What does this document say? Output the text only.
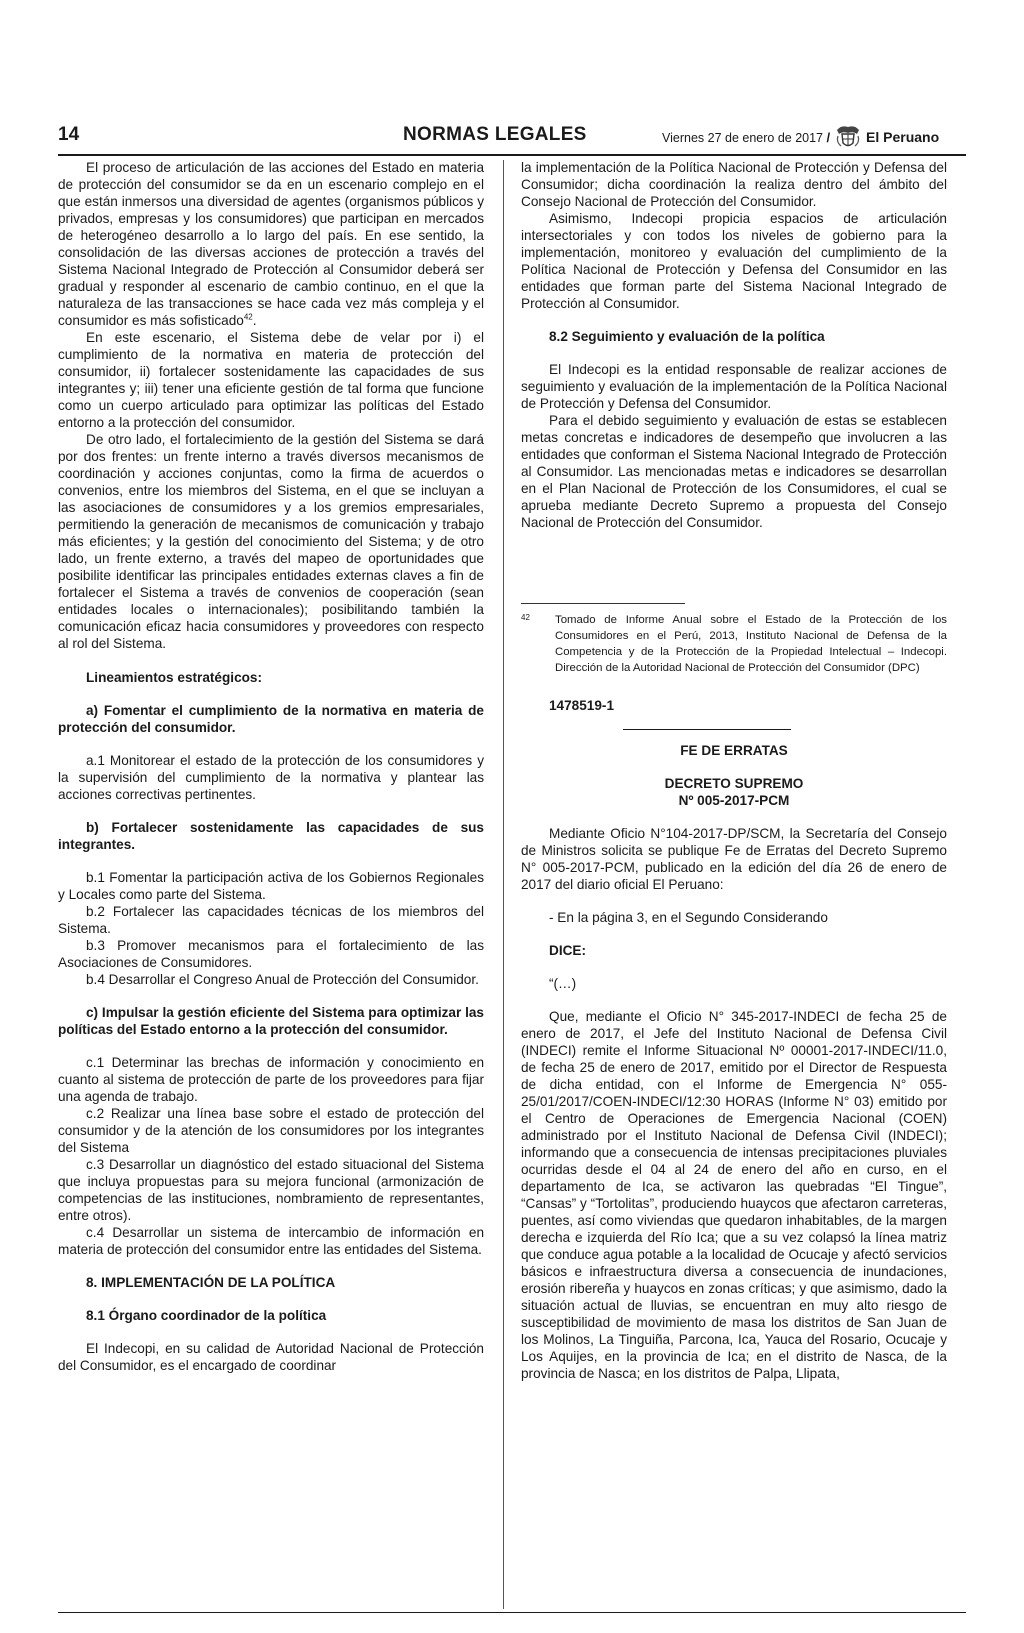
14	NORMAS LEGALES	Viernes 27 de enero de 2017 /	El Peruano

El proceso de articulación de las acciones del Estado en materia de protección del consumidor se da en un escenario complejo en el que están inmersos una diversidad de agentes (organismos públicos y privados, empresas y los consumidores) que participan en mercados de heterogéneo desarrollo a lo largo del país. En ese sentido, la consolidación de las diversas acciones de protección a través del Sistema Nacional Integrado de Protección al Consumidor deberá ser gradual y responder al escenario de cambio continuo, en el que la naturaleza de las transacciones se hace cada vez más compleja y el consumidor es más sofisticado$^{42}$.

En este escenario, el Sistema debe de velar por i) el cumplimiento de la normativa en materia de protección del consumidor, ii) fortalecer sostenidamente las capacidades de sus integrantes y; iii) tener una eficiente gestión de tal forma que funcione como un cuerpo articulado para optimizar las políticas del Estado entorno a la protección del consumidor.

De otro lado, el fortalecimiento de la gestión del Sistema se dará por dos frentes: un frente interno a través diversos mecanismos de coordinación y acciones conjuntas, como la firma de acuerdos o convenios, entre los miembros del Sistema, en el que se incluyan a las asociaciones de consumidores y a los gremios empresariales, permitiendo la generación de mecanismos de comunicación y trabajo más eficientes; y la gestión del conocimiento del Sistema; y de otro lado, un frente externo, a través del mapeo de oportunidades que posibilite identificar las principales entidades externas claves a fin de fortalecer el Sistema a través de convenios de cooperación (sean entidades locales o internacionales); posibilitando también la comunicación eficaz hacia consumidores y proveedores con respecto al rol del Sistema.

Lineamientos estratégicos:

a) Fomentar el cumplimiento de la normativa en materia de protección del consumidor.

a.1 Monitorear el estado de la protección de los consumidores y la supervisión del cumplimiento de la normativa y plantear las acciones correctivas pertinentes.

b) Fortalecer sostenidamente las capacidades de sus integrantes.

b.1 Fomentar la participación activa de los Gobiernos Regionales y Locales como parte del Sistema.

b.2 Fortalecer las capacidades técnicas de los miembros del Sistema.

b.3 Promover mecanismos para el fortalecimiento de las Asociaciones de Consumidores.

b.4 Desarrollar el Congreso Anual de Protección del Consumidor.

c) Impulsar la gestión eficiente del Sistema para optimizar las políticas del Estado entorno a la protección del consumidor.

c.1 Determinar las brechas de información y conocimiento en cuanto al sistema de protección de parte de los proveedores para fijar una agenda de trabajo.

c.2 Realizar una línea base sobre el estado de protección del consumidor y de la atención de los consumidores por los integrantes del Sistema

c.3 Desarrollar un diagnóstico del estado situacional del Sistema que incluya propuestas para su mejora funcional (armonización de competencias de las instituciones, nombramiento de representantes, entre otros).

c.4 Desarrollar un sistema de intercambio de información en materia de protección del consumidor entre las entidades del Sistema.

8. IMPLEMENTACIÓN DE LA POLÍTICA

8.1 Órgano coordinador de la política

El Indecopi, en su calidad de Autoridad Nacional de Protección del Consumidor, es el encargado de coordinar

la implementación de la Política Nacional de Protección y Defensa del Consumidor; dicha coordinación la realiza dentro del ámbito del Consejo Nacional de Protección del Consumidor.

Asimismo, Indecopi propicia espacios de articulación intersectoriales y con todos los niveles de gobierno para la implementación, monitoreo y evaluación del cumplimiento de la Política Nacional de Protección y Defensa del Consumidor en las entidades que forman parte del Sistema Nacional Integrado de Protección al Consumidor.

8.2 Seguimiento y evaluación de la política

El Indecopi es la entidad responsable de realizar acciones de seguimiento y evaluación de la implementación de la Política Nacional de Protección y Defensa del Consumidor.

Para el debido seguimiento y evaluación de estas se establecen metas concretas e indicadores de desempeño que involucren a las entidades que conforman el Sistema Nacional Integrado de Protección al Consumidor. Las mencionadas metas e indicadores se desarrollan en el Plan Nacional de Protección de los Consumidores, el cual se aprueba mediante Decreto Supremo a propuesta del Consejo Nacional de Protección del Consumidor.

42 Tomado de Informe Anual sobre el Estado de la Protección de los Consumidores en el Perú, 2013, Instituto Nacional de Defensa de la Competencia y de la Protección de la Propiedad Intelectual – Indecopi. Dirección de la Autoridad Nacional de Protección del Consumidor (DPC)
1478519-1

FE DE ERRATAS

DECRETO SUPREMO

Nº 005-2017-PCM

Mediante Oficio N°104-2017-DP/SCM, la Secretaría del Consejo de Ministros solicita se publique Fe de Erratas del Decreto Supremo N° 005-2017-PCM, publicado en la edición del día 26 de enero de 2017 del diario oficial El Peruano:

- En la página 3, en el Segundo Considerando

DICE:

“(…)

Que, mediante el Oficio N° 345-2017-INDECI de fecha 25 de enero de 2017, el Jefe del Instituto Nacional de Defensa Civil (INDECI) remite el Informe Situacional Nº 00001-2017-INDECI/11.0, de fecha 25 de enero de 2017, emitido por el Director de Respuesta de dicha entidad, con el Informe de Emergencia N° 055-25/01/2017/COEN-INDECI/12:30 HORAS (Informe N° 03) emitido por el Centro de Operaciones de Emergencia Nacional (COEN) administrado por el Instituto Nacional de Defensa Civil (INDECI); informando que a consecuencia de intensas precipitaciones pluviales ocurridas desde el 04 al 24 de enero del año en curso, en el departamento de Ica, se activaron las quebradas “El Tingue”, “Cansas” y “Tortolitas”, produciendo huaycos que afectaron carreteras, puentes, así como viviendas que quedaron inhabitables, de la margen derecha e izquierda del Río Ica; que a su vez colapsó la línea matriz que conduce agua potable a la localidad de Ocucaje y afectó servicios básicos e infraestructura diversa a consecuencia de inundaciones, erosión ribereña y huaycos en zonas críticas; y que asimismo, dado la situación actual de lluvias, se encuentran en muy alto riesgo de susceptibilidad de movimiento de masa los distritos de San Juan de los Molinos, La Tinguiña, Parcona, Ica, Yauca del Rosario, Ocucaje y Los Aquijes, en la provincia de Ica; en el distrito de Nasca, de la provincia de Nasca; en los distritos de Palpa, Llipata,
